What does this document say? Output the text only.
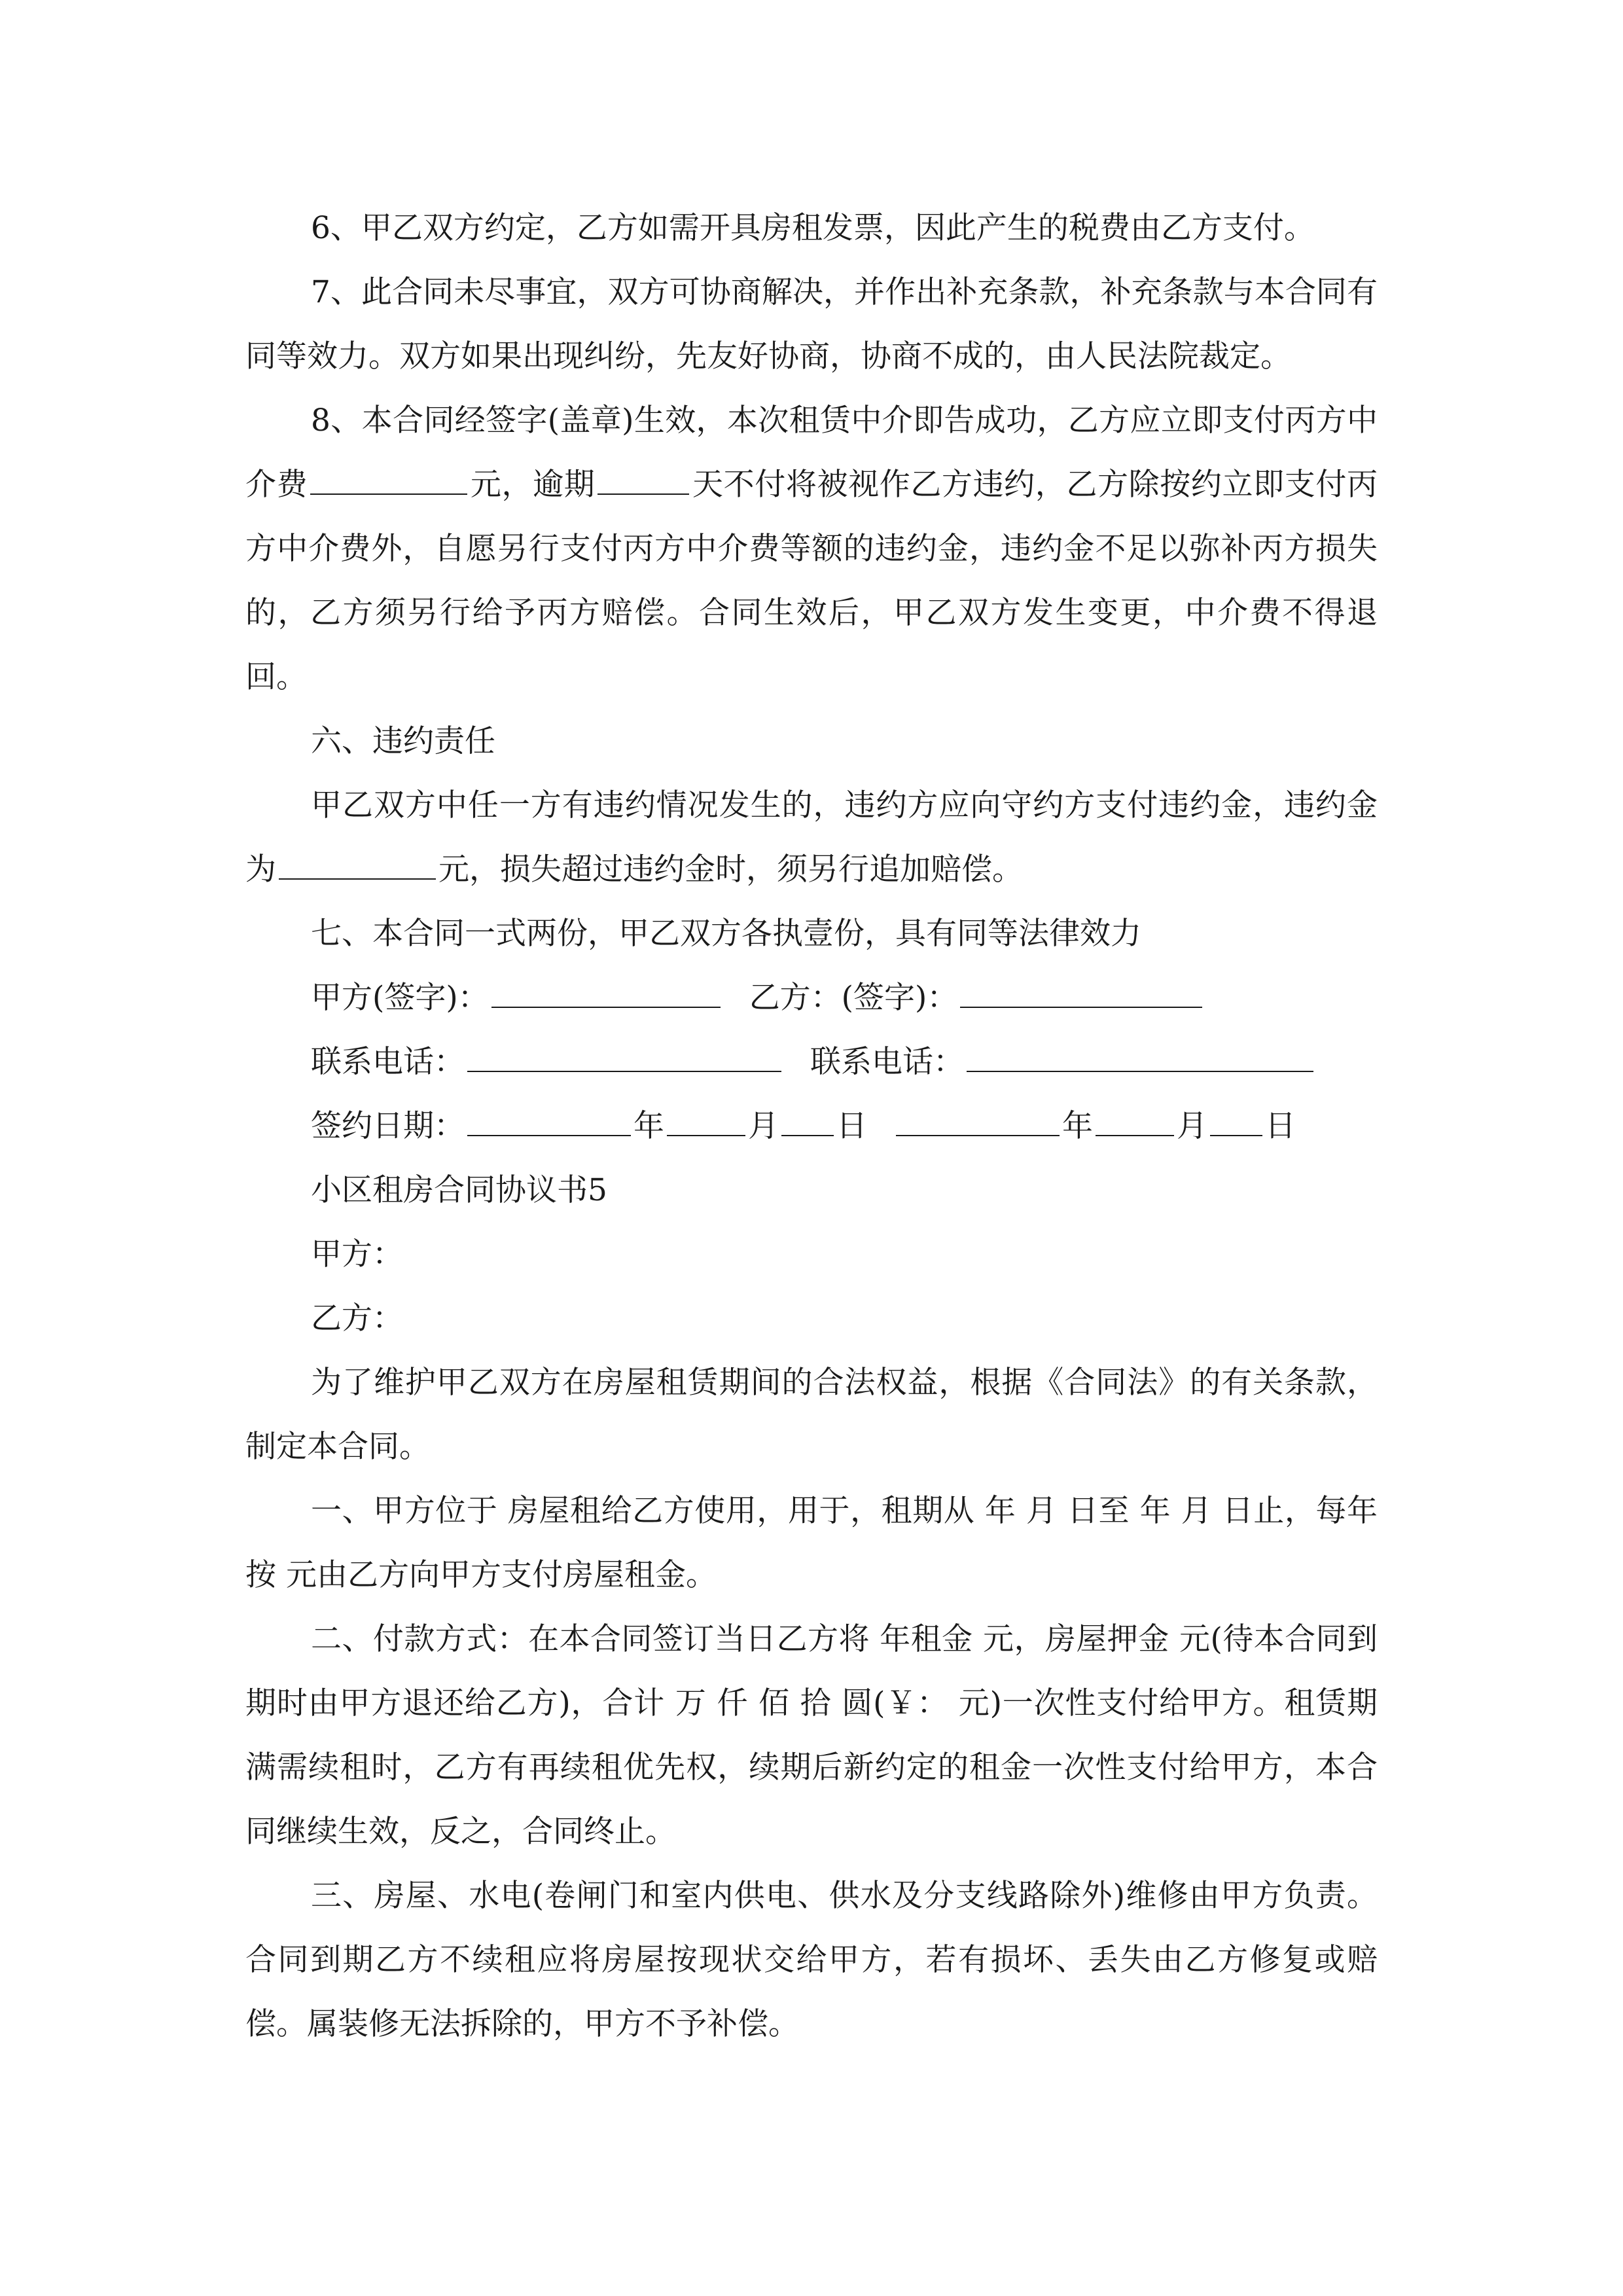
6、甲乙双方约定，乙方如需开具房租发票，因此产生的税费由乙方支付。

7、此合同未尽事宜，双方可协商解决，并作出补充条款，补充条款与本合同有同等效力。双方如果出现纠纷，先友好协商，协商不成的，由人民法院裁定。

8、本合同经签字(盖章)生效，本次租赁中介即告成功，乙方应立即支付丙方中介费	元，逾期	天不付将被视作乙方违约，乙方除按约立即支付丙方中介费外，自愿另行支付丙方中介费等额的违约金，违约金不足以弥补丙方损失的，乙方须另行给予丙方赔偿。合同生效后，甲乙双方发生变更，中介费不得退回。

六、违约责任

甲乙双方中任一方有违约情况发生的，违约方应向守约方支付违约金，违约金为	元，损失超过违约金时，须另行追加赔偿。

七、本合同一式两份，甲乙双方各执壹份，具有同等法律效力

甲方(签字)：	乙方：(签字)：

联系电话：	联系电话：

签约日期：	年	月 日	年	月 日

小区租房合同协议书5

甲方：

乙方：

为了维护甲乙双方在房屋租赁期间的合法权益，根据《合同法》的有关条款，制定本合同。

一、甲方位于 房屋租给乙方使用，用于，租期从 年 月 日至 年 月 日止，每年按 元由乙方向甲方支付房屋租金。

二、付款方式：在本合同签订当日乙方将 年租金 元，房屋押金 元(待本合同到期时由甲方退还给乙方)，合计 万 仟 佰 拾 圆(￥： 元)一次性支付给甲方。租赁期满需续租时，乙方有再续租优先权，续期后新约定的租金一次性支付给甲方，本合同继续生效，反之，合同终止。

三、房屋、水电(卷闸门和室内供电、供水及分支线路除外)维修由甲方负责。合同到期乙方不续租应将房屋按现状交给甲方，若有损坏、丢失由乙方修复或赔偿。属装修无法拆除的，甲方不予补偿。
